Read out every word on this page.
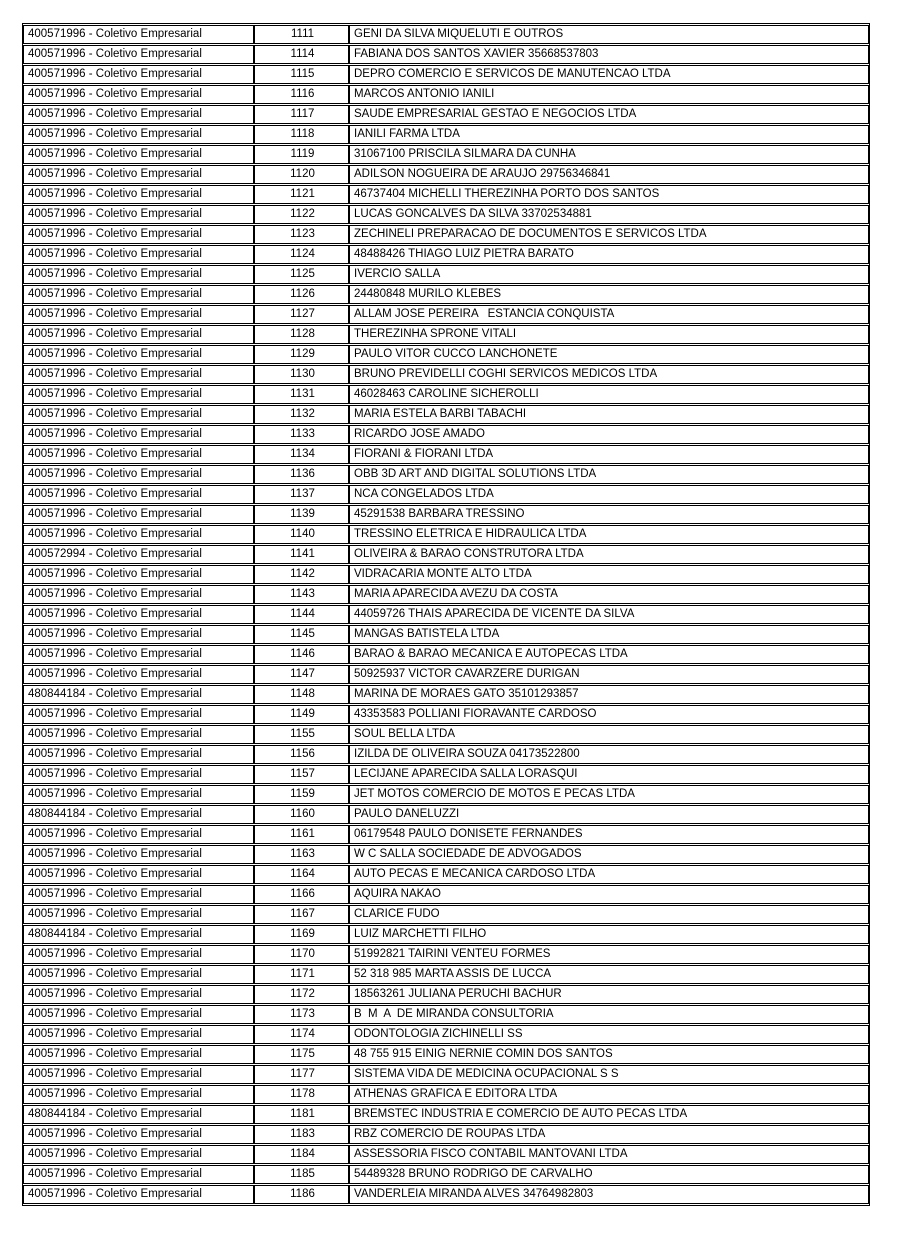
400571996 - Coletivo Empresarial	1111	GENI DA SILVA MIQUELUTI E OUTROS
400571996 - Coletivo Empresarial	1114	FABIANA DOS SANTOS XAVIER 35668537803
400571996 - Coletivo Empresarial	1115	DEPRO COMERCIO E SERVICOS DE MANUTENCAO LTDA
400571996 - Coletivo Empresarial	1116	MARCOS ANTONIO IANILI
400571996 - Coletivo Empresarial	1117	SAUDE EMPRESARIAL GESTAO E NEGOCIOS LTDA
400571996 - Coletivo Empresarial	1118	IANILI FARMA LTDA
400571996 - Coletivo Empresarial	1119	31067100 PRISCILA SILMARA DA CUNHA
400571996 - Coletivo Empresarial	1120	ADILSON NOGUEIRA DE ARAUJO 29756346841
400571996 - Coletivo Empresarial	1121	46737404 MICHELLI THEREZINHA PORTO DOS SANTOS
400571996 - Coletivo Empresarial	1122	LUCAS GONCALVES DA SILVA 33702534881
400571996 - Coletivo Empresarial	1123	ZECHINELI PREPARACAO DE DOCUMENTOS E SERVICOS LTDA
400571996 - Coletivo Empresarial	1124	48488426 THIAGO LUIZ PIETRA BARATO
400571996 - Coletivo Empresarial	1125	IVERCIO SALLA
400571996 - Coletivo Empresarial	1126	24480848 MURILO KLEBES
400571996 - Coletivo Empresarial	1127	ALLAM JOSE PEREIRA   ESTANCIA CONQUISTA
400571996 - Coletivo Empresarial	1128	THEREZINHA SPRONE VITALI
400571996 - Coletivo Empresarial	1129	PAULO VITOR CUCCO LANCHONETE
400571996 - Coletivo Empresarial	1130	BRUNO PREVIDELLI COGHI SERVICOS MEDICOS LTDA
400571996 - Coletivo Empresarial	1131	46028463 CAROLINE SICHEROLLI
400571996 - Coletivo Empresarial	1132	MARIA ESTELA BARBI TABACHI
400571996 - Coletivo Empresarial	1133	RICARDO JOSE AMADO
400571996 - Coletivo Empresarial	1134	FIORANI & FIORANI LTDA
400571996 - Coletivo Empresarial	1136	OBB 3D ART AND DIGITAL SOLUTIONS LTDA
400571996 - Coletivo Empresarial	1137	NCA CONGELADOS LTDA
400571996 - Coletivo Empresarial	1139	45291538 BARBARA TRESSINO
400571996 - Coletivo Empresarial	1140	TRESSINO ELETRICA E HIDRAULICA LTDA
400572994 - Coletivo Empresarial	1141	OLIVEIRA & BARAO CONSTRUTORA LTDA
400571996 - Coletivo Empresarial	1142	VIDRACARIA MONTE ALTO LTDA
400571996 - Coletivo Empresarial	1143	MARIA APARECIDA AVEZU DA COSTA
400571996 - Coletivo Empresarial	1144	44059726 THAIS APARECIDA DE VICENTE DA SILVA
400571996 - Coletivo Empresarial	1145	MANGAS BATISTELA LTDA
400571996 - Coletivo Empresarial	1146	BARAO & BARAO MECANICA E AUTOPECAS LTDA
400571996 - Coletivo Empresarial	1147	50925937 VICTOR CAVARZERE DURIGAN
480844184 - Coletivo Empresarial	1148	MARINA DE MORAES GATO 35101293857
400571996 - Coletivo Empresarial	1149	43353583 POLLIANI FIORAVANTE CARDOSO
400571996 - Coletivo Empresarial	1155	SOUL BELLA LTDA
400571996 - Coletivo Empresarial	1156	IZILDA DE OLIVEIRA SOUZA 04173522800
400571996 - Coletivo Empresarial	1157	LECIJANE APARECIDA SALLA LORASQUI
400571996 - Coletivo Empresarial	1159	JET MOTOS COMERCIO DE MOTOS E PECAS LTDA
480844184 - Coletivo Empresarial	1160	PAULO DANELUZZI
400571996 - Coletivo Empresarial	1161	06179548 PAULO DONISETE FERNANDES
400571996 - Coletivo Empresarial	1163	W C SALLA SOCIEDADE DE ADVOGADOS
400571996 - Coletivo Empresarial	1164	AUTO PECAS E MECANICA CARDOSO LTDA
400571996 - Coletivo Empresarial	1166	AQUIRA NAKAO
400571996 - Coletivo Empresarial	1167	CLARICE FUDO
480844184 - Coletivo Empresarial	1169	LUIZ MARCHETTI FILHO
400571996 - Coletivo Empresarial	1170	51992821 TAIRINI VENTEU FORMES
400571996 - Coletivo Empresarial	1171	52 318 985 MARTA ASSIS DE LUCCA
400571996 - Coletivo Empresarial	1172	18563261 JULIANA PERUCHI BACHUR
400571996 - Coletivo Empresarial	1173	B  M  A  DE MIRANDA CONSULTORIA
400571996 - Coletivo Empresarial	1174	ODONTOLOGIA ZICHINELLI SS
400571996 - Coletivo Empresarial	1175	48 755 915 EINIG NERNIE COMIN DOS SANTOS
400571996 - Coletivo Empresarial	1177	SISTEMA VIDA DE MEDICINA OCUPACIONAL S S
400571996 - Coletivo Empresarial	1178	ATHENAS GRAFICA E EDITORA LTDA
480844184 - Coletivo Empresarial	1181	BREMSTEC INDUSTRIA E COMERCIO DE AUTO PECAS LTDA
400571996 - Coletivo Empresarial	1183	RBZ COMERCIO DE ROUPAS LTDA
400571996 - Coletivo Empresarial	1184	ASSESSORIA FISCO CONTABIL MANTOVANI LTDA
400571996 - Coletivo Empresarial	1185	54489328 BRUNO RODRIGO DE CARVALHO
400571996 - Coletivo Empresarial	1186	VANDERLEIA MIRANDA ALVES 34764982803
